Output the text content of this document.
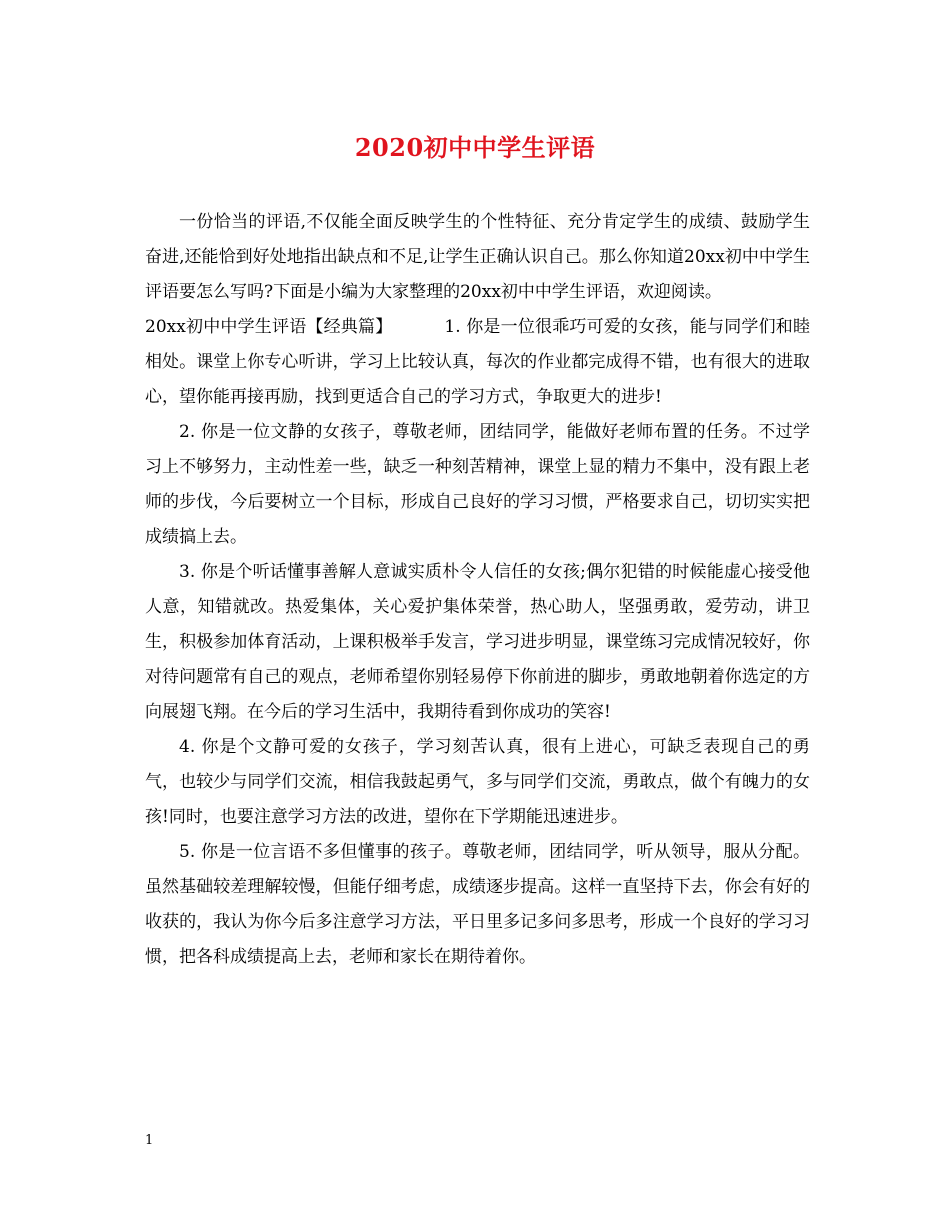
2020初中中学生评语

一份恰当的评语,不仅能全面反映学生的个性特征、充分肯定学生的成绩、鼓励学生奋进,还能恰到好处地指出缺点和不足,让学生正确认识自己。那么你知道20xx初中中学生评语要怎么写吗?下面是小编为大家整理的20xx初中中学生评语，欢迎阅读。

20xx初中中学生评语【经典篇】	1. 你是一位很乖巧可爱的女孩，能与同学们和睦相处。课堂上你专心听讲，学习上比较认真，每次的作业都完成得不错，也有很大的进取心，望你能再接再励，找到更适合自己的学习方式，争取更大的进步!

2. 你是一位文静的女孩子，尊敬老师，团结同学，能做好老师布置的任务。不过学习上不够努力，主动性差一些，缺乏一种刻苦精神，课堂上显的精力不集中，没有跟上老师的步伐，今后要树立一个目标，形成自己良好的学习习惯，严格要求自己，切切实实把成绩搞上去。

3. 你是个听话懂事善解人意诚实质朴令人信任的女孩;偶尔犯错的时候能虚心接受他人意，知错就改。热爱集体，关心爱护集体荣誉，热心助人，坚强勇敢，爱劳动，讲卫生，积极参加体育活动，上课积极举手发言，学习进步明显，课堂练习完成情况较好，你对待问题常有自己的观点，老师希望你别轻易停下你前进的脚步，勇敢地朝着你选定的方向展翅飞翔。在今后的学习生活中，我期待看到你成功的笑容!

4. 你是个文静可爱的女孩子，学习刻苦认真，很有上进心，可缺乏表现自己的勇气，也较少与同学们交流，相信我鼓起勇气，多与同学们交流，勇敢点，做个有魄力的女孩!同时，也要注意学习方法的改进，望你在下学期能迅速进步。

5. 你是一位言语不多但懂事的孩子。尊敬老师，团结同学，听从领导，服从分配。虽然基础较差理解较慢，但能仔细考虑，成绩逐步提高。这样一直坚持下去，你会有好的收获的，我认为你今后多注意学习方法，平日里多记多问多思考，形成一个良好的学习习惯，把各科成绩提高上去，老师和家长在期待着你。

1
